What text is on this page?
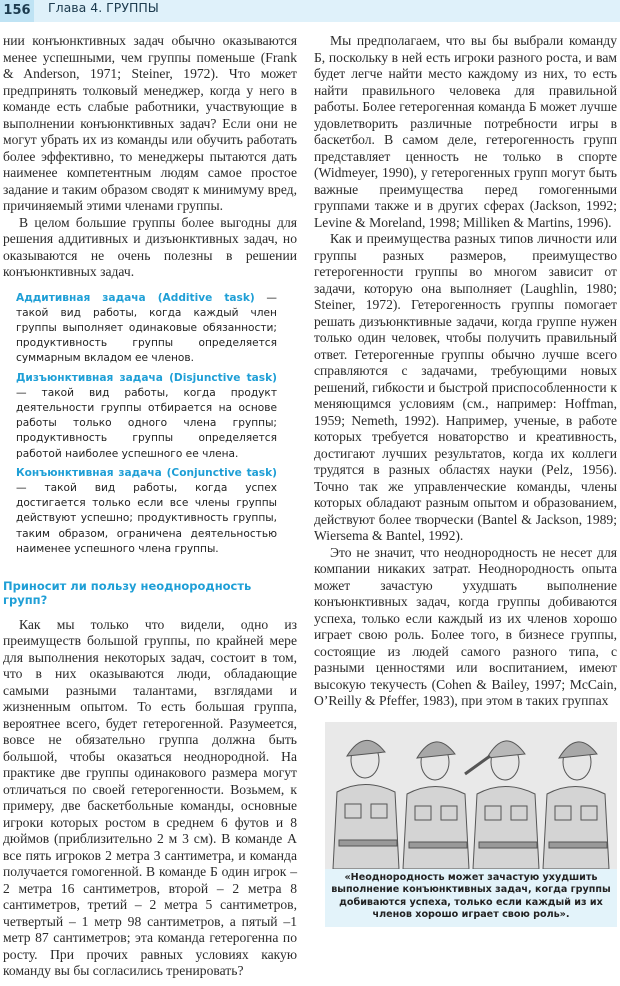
156 Глава 4. ГРУППЫ

нии конъюнктивных задач обычно оказываются менее успешными, чем группы поменьше (Frank & Anderson, 1971; Steiner, 1972). Что может предпринять толковый менеджер, когда у него в команде есть слабые работники, участвующие в выполнении конъюнктивных задач? Если они не могут убрать их из команды или обучить работать более эффективно, то менеджеры пытаются дать наименее компетентным людям самое простое задание и таким образом сводят к минимуму вред, причиняемый этими членами группы.

В целом большие группы более выгодны для решения аддитивных и дизъюнктивных задач, но оказываются не очень полезны в решении конъюнктивных задач.

Аддитивная задача (Additive task) — такой вид работы, когда каждый член группы выполняет одинаковые обязанности; продуктивность группы определяется суммарным вкладом ее членов.

Дизъюнктивная задача (Disjunctive task) — такой вид работы, когда продукт деятельности группы отбирается на основе работы только одного члена группы; продуктивность группы определяется работой наиболее успешного ее члена.

Конъюнктивная задача (Conjunctive task) — такой вид работы, когда успех достигается только если все члены группы действуют успешно; продуктивность группы, таким образом, ограничена деятельностью наименее успешного члена группы.

Приносит ли пользу неоднородность групп?

Как мы только что видели, одно из преимуществ большой группы, по крайней мере для выполнения некоторых задач, состоит в том, что в них оказываются люди, обладающие самыми разными талантами, взглядами и жизненным опытом. То есть большая группа, вероятнее всего, будет гетерогенной. Разумеется, вовсе не обязательно группа должна быть большой, чтобы оказаться неоднородной. На практике две группы одинакового размера могут отличаться по своей гетерогенности. Возьмем, к примеру, две баскетбольные команды, основные игроки которых ростом в среднем 6 футов и 8 дюймов (приблизительно 2 м 3 см). В команде А все пять игроков 2 метра 3 сантиметра, и команда получается гомогенной. В команде Б один игрок – 2 метра 16 сантиметров, второй – 2 метра 8 сантиметров, третий – 2 метра 5 сантиметров, четвертый – 1 метр 98 сантиметров, а пятый –1 метр 87 сантиметров; эта команда гетерогенна по росту. При прочих равных условиях какую команду вы бы согласились тренировать?

Мы предполагаем, что вы бы выбрали команду Б, поскольку в ней есть игроки разного роста, и вам будет легче найти место каждому из них, то есть найти правильного человека для правильной работы. Более гетерогенная команда Б может лучше удовлетворить различные потребности игры в баскетбол. В самом деле, гетерогенность групп представляет ценность не только в спорте (Widmeyer, 1990), у гетерогенных групп могут быть важные преимущества перед гомогенными группами также и в других сферах (Jackson, 1992; Levine & Moreland, 1998; Milliken & Martins, 1996).

Как и преимущества разных типов личности или группы разных размеров, преимущество гетерогенности группы во многом зависит от задачи, которую она выполняет (Laughlin, 1980; Steiner, 1972). Гетерогенность группы помогает решать дизъюнктивные задачи, когда группе нужен только один человек, чтобы получить правильный ответ. Гетерогенные группы обычно лучше всего справляются с задачами, требующими новых решений, гибкости и быстрой приспособленности к меняющимся условиям (см., например: Hoffman, 1959; Nemeth, 1992). Например, ученые, в работе которых требуется новаторство и креативность, достигают лучших результатов, когда их коллеги трудятся в разных областях науки (Pelz, 1956). Точно так же управленческие команды, члены которых обладают разным опытом и образованием, действуют более творчески (Bantel & Jackson, 1989; Wiersema & Bantel, 1992).

Это не значит, что неоднородность не несет для компании никаких затрат. Неоднородность опыта может зачастую ухудшать выполнение конъюнктивных задач, когда группы добиваются успеха, только если каждый из их членов хорошо играет свою роль. Более того, в бизнесе группы, состоящие из людей самого разного типа, с разными ценностями или воспитанием, имеют высокую текучесть (Cohen & Bailey, 1997; McCain, O’Reilly & Pfeffer, 1983), при этом в таких группах

«Неоднородность может зачастую ухудшить выполнение конъюнктивных задач, когда группы добиваются успеха, только если каждый из их членов хорошо играет свою роль».
